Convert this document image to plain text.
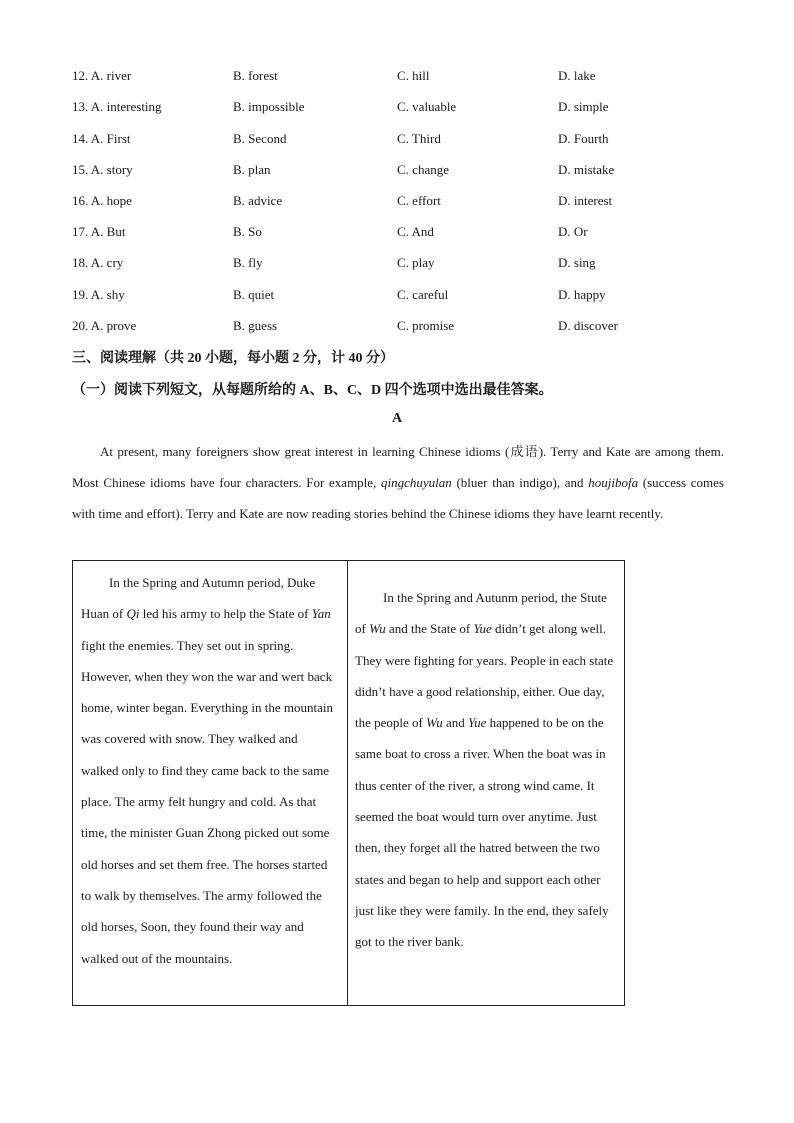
12. A. river	B. forest	C. hill	D. lake
13. A. interesting	B. impossible	C. valuable	D. simple
14. A. First	B. Second	C. Third	D. Fourth
15. A. story	B. plan	C. change	D. mistake
16. A. hope	B. advice	C. effort	D. interest
17. A. But	B. So	C. And	D. Or
18. A. cry	B. fly	C. play	D. sing
19. A. shy	B. quiet	C. careful	D. happy
20. A. prove	B. guess	C. promise	D. discover
三、阅读理解（共 20 小题，每小题 2 分，计 40 分）
（一）阅读下列短文，从每题所给的 A、B、C、D 四个选项中选出最佳答案。
A
At present, many foreigners show great interest in learning Chinese idioms (成语). Terry and Kate are among them. Most Chinese idioms have four characters. For example, qingchuyulan (bluer than indigo), and houjibofa (success comes with time and effort). Terry and Kate are now reading stories behind the Chinese idioms they have learnt recently.
In the Spring and Autumn period, Duke Huan of Qi led his army to help the State of Yan fight the enemies. They set out in spring. However, when they won the war and wert back home, winter began. Everything in the mountain was covered with snow. They walked and walked only to find they came back to the same place. The army felt hungry and cold. As that time, the minister Guan Zhong picked out some old horses and set them free. The horses started to walk by themselves. The army followed the old horses, Soon, they found their way and walked out of the mountains.
In the Spring and Autunm period, the Stute of Wu and the State of Yue didn’t get along well. They were fighting for years. People in each state didn’t have a good relationship, either. Oue day, the people of Wu and Yue happened to be on the same boat to cross a river. When the boat was in thus center of the river, a strong wind came. It seemed the boat would turn over anytime. Just then, they forget all the hatred between the two states and began to help and support each other just like they were family. In the end, they safely got to the river bank.
